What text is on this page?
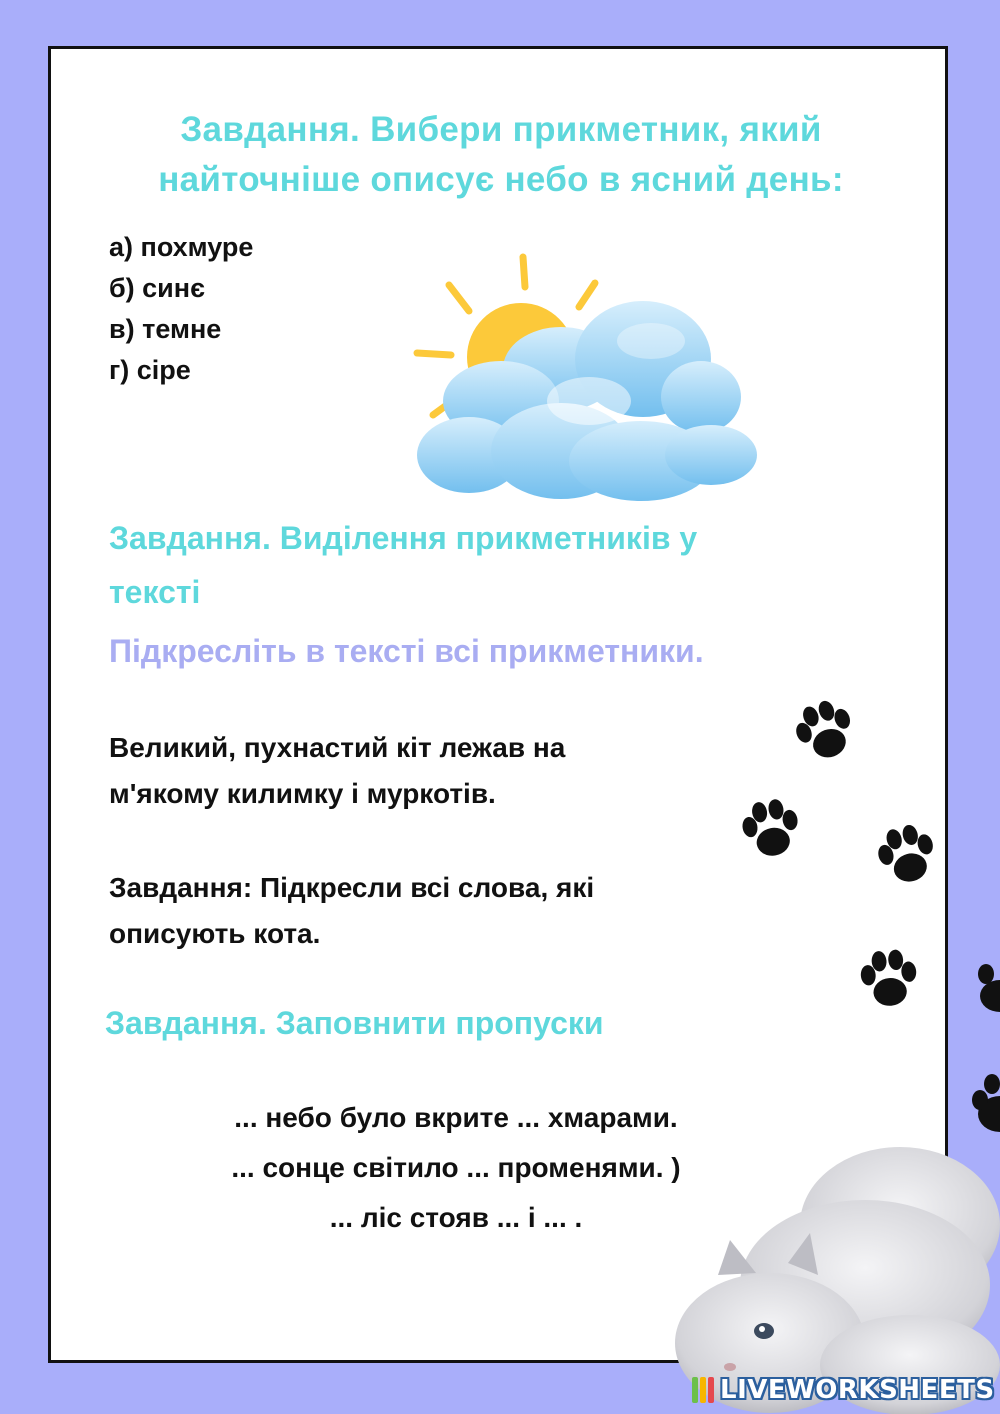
Завдання. Вибери прикметник, який
найточніше описує небо в ясний день:
а) похмуре
б) синє
в) темне
г) сіре
Завдання. Виділення прикметників у
тексті
Підкресліть в тексті всі прикметники.
Великий, пухнастий кіт лежав на
м'якому килимку і муркотів.
Завдання: Підкресли всі слова, які
описують кота.
Завдання. Заповнити пропуски
... небо було вкрите ... хмарами.
... сонце світило ... променями. )
... ліс стояв ... і ... .
LIVEWORKSHEETS
